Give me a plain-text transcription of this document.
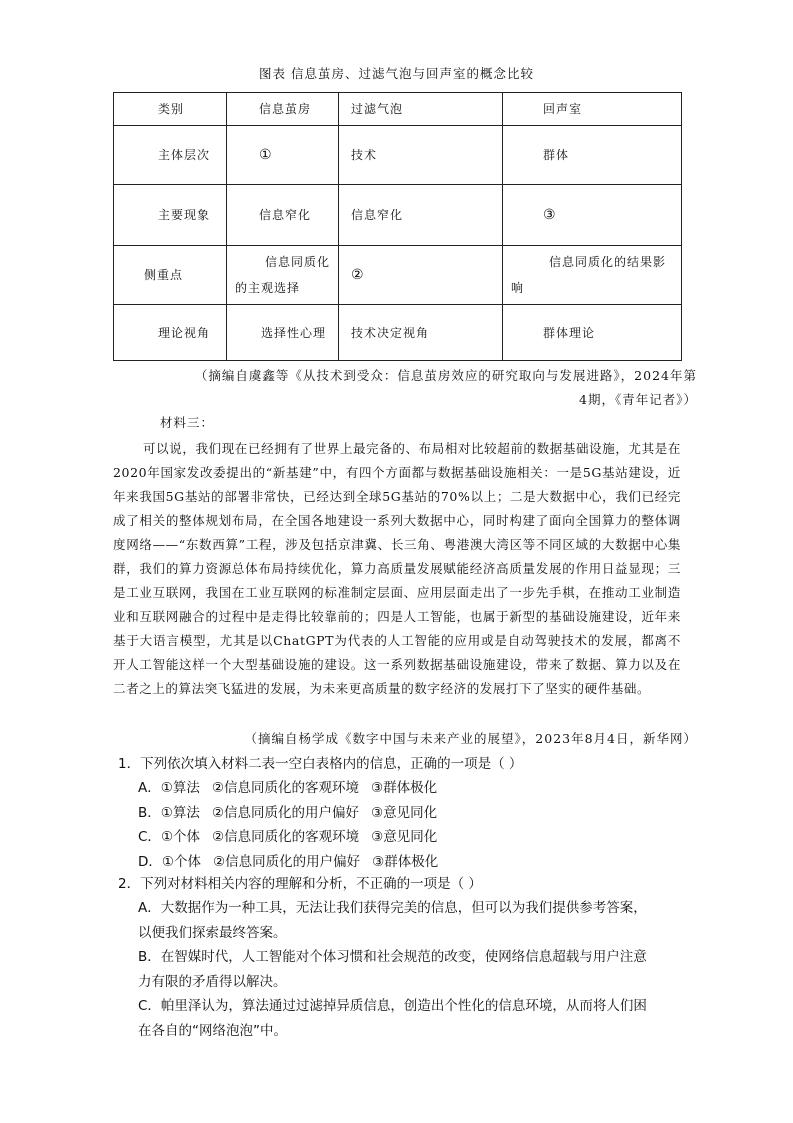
图表 信息茧房、过滤气泡与回声室的概念比较
类别	信息茧房	过滤气泡	回声室
主体层次	①	技术	群体
主要现象	信息窄化	信息窄化	③
侧重点	信息同质化的主观选择	②	信息同质化的结果影响
理论视角	选择性心理	技术决定视角	群体理论
（摘编自虞鑫等《从技术到受众：信息茧房效应的研究取向与发展进路》，2024年第
4期，《青年记者》）
材料三：
可以说，我们现在已经拥有了世界上最完备的、布局相对比较超前的数据基础设施，尤其是在2020年国家发改委提出的“新基建”中，有四个方面都与数据基础设施相关：一是5G基站建设，近年来我国5G基站的部署非常快，已经达到全球5G基站的70%以上；二是大数据中心，我们已经完成了相关的整体规划布局，在全国各地建设一系列大数据中心，同时构建了面向全国算力的整体调度网络——“东数西算”工程，涉及包括京津冀、长三角、粤港澳大湾区等不同区域的大数据中心集群，我们的算力资源总体布局持续优化，算力高质量发展赋能经济高质量发展的作用日益显现；三是工业互联网，我国在工业互联网的标准制定层面、应用层面走出了一步先手棋，在推动工业制造业和互联网融合的过程中是走得比较靠前的；四是人工智能，也属于新型的基础设施建设，近年来基于大语言模型，尤其是以ChatGPT为代表的人工智能的应用或是自动驾驶技术的发展，都离不开人工智能这样一个大型基础设施的建设。这一系列数据基础设施建设，带来了数据、算力以及在二者之上的算法突飞猛进的发展，为未来更高质量的数字经济的发展打下了坚实的硬件基础。
（摘编自杨学成《数字中国与未来产业的展望》，2023年8月4日，新华网）
1．下列依次填入材料二表一空白表格内的信息，正确的一项是（ ）
A．①算法 ②信息同质化的客观环境 ③群体极化
B．①算法 ②信息同质化的用户偏好 ③意见同化
C．①个体 ②信息同质化的客观环境 ③意见同化
D．①个体 ②信息同质化的用户偏好 ③群体极化
2．下列对材料相关内容的理解和分析，不正确的一项是（ ）
A．大数据作为一种工具，无法让我们获得完美的信息，但可以为我们提供参考答案，
以便我们探索最终答案。
B．在智媒时代，人工智能对个体习惯和社会规范的改变，使网络信息超载与用户注意
力有限的矛盾得以解决。
C．帕里泽认为，算法通过过滤掉异质信息，创造出个性化的信息环境，从而将人们困
在各自的“网络泡泡”中。
